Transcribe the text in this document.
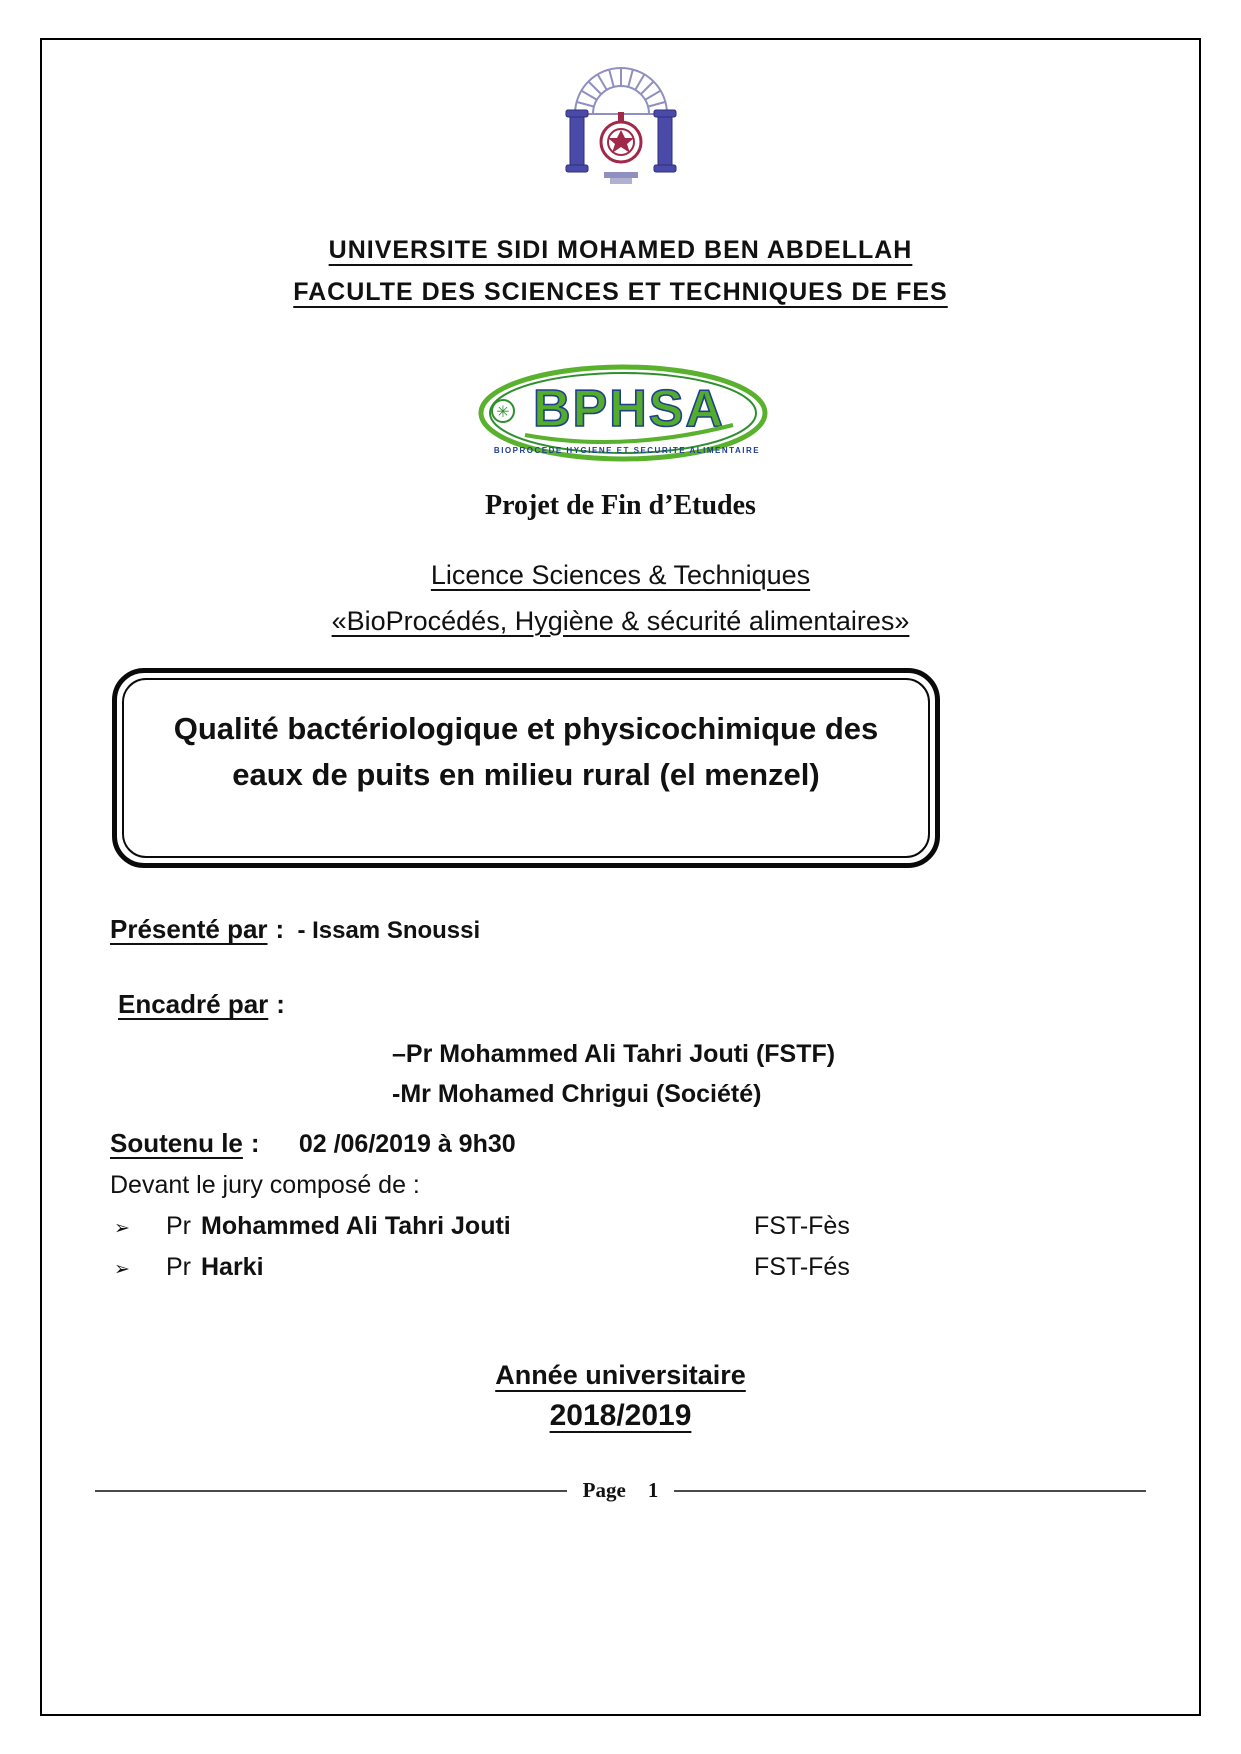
UNIVERSITE SIDI MOHAMED BEN ABDELLAH
FACULTE DES SCIENCES ET TECHNIQUES DE FES
✳ BPHSA
BIOPROCEDE HYGIENE ET SECURITE ALIMENTAIRE
Projet de Fin d’Etudes
Licence Sciences & Techniques
«BioProcédés, Hygiène & sécurité alimentaires»
Qualité bactériologique et physicochimique des
eaux de puits en milieu rural (el menzel)
Présenté par : - Issam Snoussi
Encadré par :
–Pr Mohammed Ali Tahri Jouti (FSTF)
-Mr Mohamed Chrigui (Société)
Soutenu le : 02 /06/2019 à 9h30
Devant le jury composé de :
➢	Pr Mohammed Ali Tahri Jouti	FST-Fès
➢	Pr Harki	FST-Fés
Année universitaire
2018/2019
Page 1
